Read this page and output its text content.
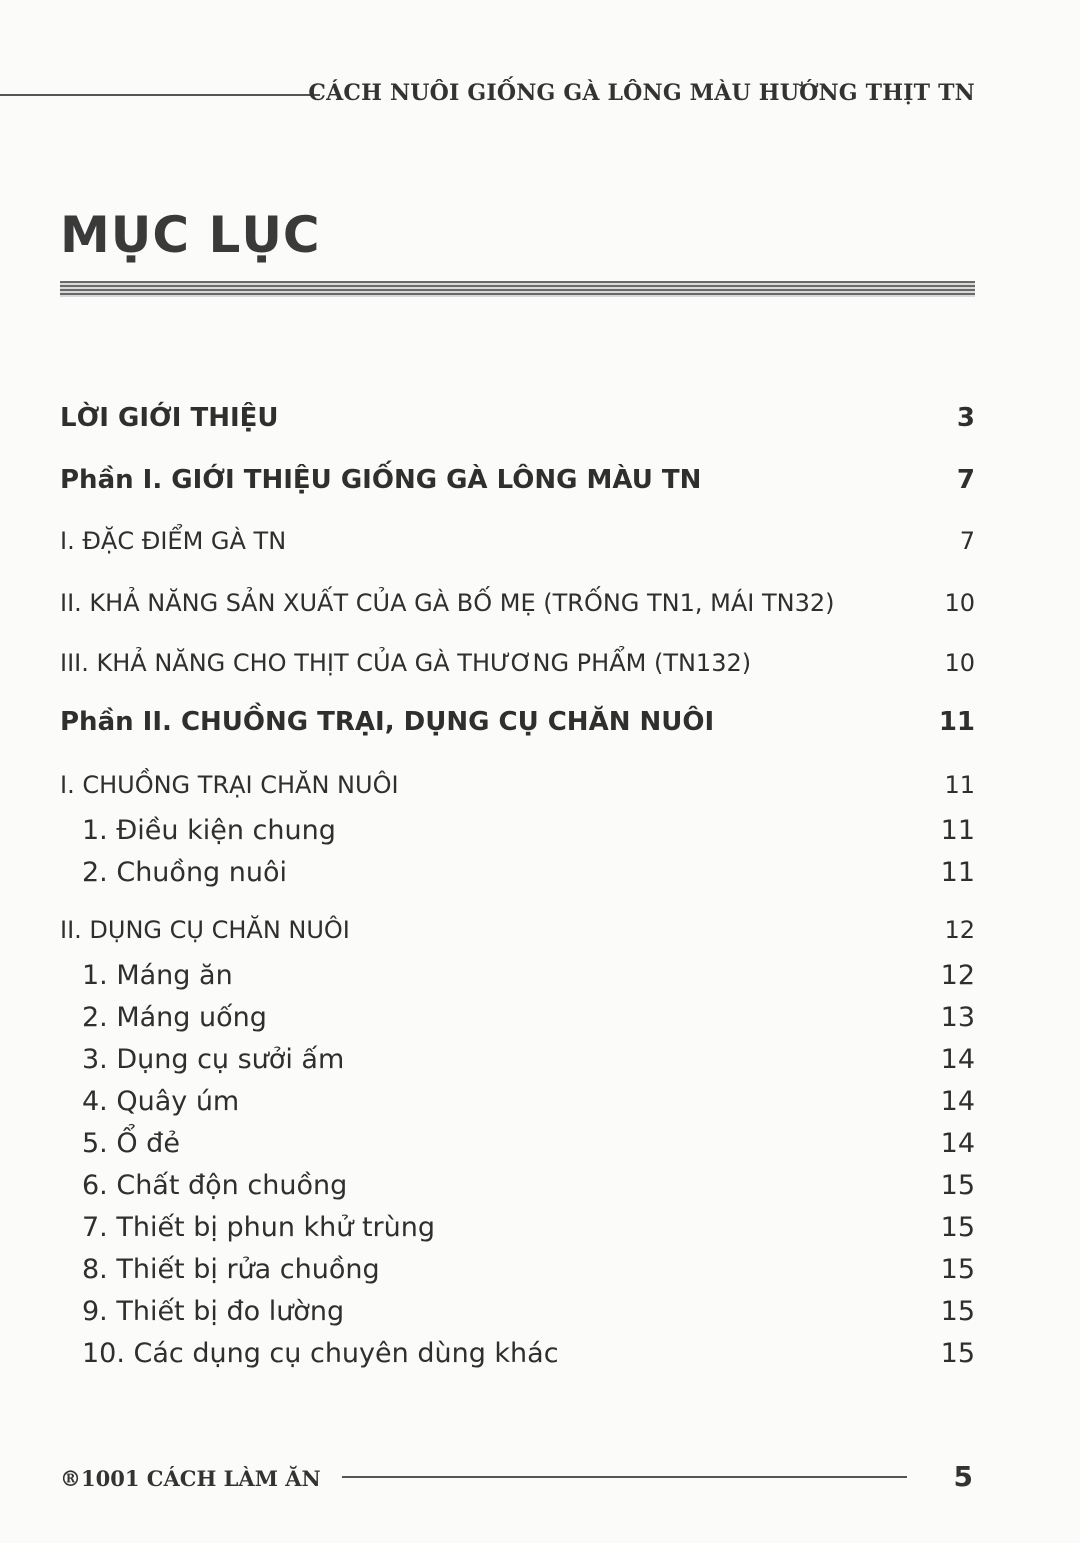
CÁCH NUÔI GIỐNG GÀ LÔNG MÀU HƯỚNG THỊT TN
MỤC LỤC
LỜI GIỚI THIỆU	3
Phần I. GIỚI THIỆU GIỐNG GÀ LÔNG MÀU TN	7
I. ĐẶC ĐIỂM GÀ TN	7
II. KHẢ NĂNG SẢN XUẤT CỦA GÀ BỐ MẸ (TRỐNG TN1, MÁI TN32)	10
III. KHẢ NĂNG CHO THỊT CỦA GÀ THƯƠNG PHẨM (TN132)	10
Phần II. CHUỒNG TRẠI, DỤNG CỤ CHĂN NUÔI	11
I. CHUỒNG TRẠI CHĂN NUÔI	11
1. Điều kiện chung	11
2. Chuồng nuôi	11
II. DỤNG CỤ CHĂN NUÔI	12
1. Máng ăn	12
2. Máng uống	13
3. Dụng cụ sưởi ấm	14
4. Quây úm	14
5. Ổ đẻ	14
6. Chất độn chuồng	15
7. Thiết bị phun khử trùng	15
8. Thiết bị rửa chuồng	15
9. Thiết bị đo lường	15
10. Các dụng cụ chuyên dùng khác	15
®1001 CÁCH LÀM ĂN	5
